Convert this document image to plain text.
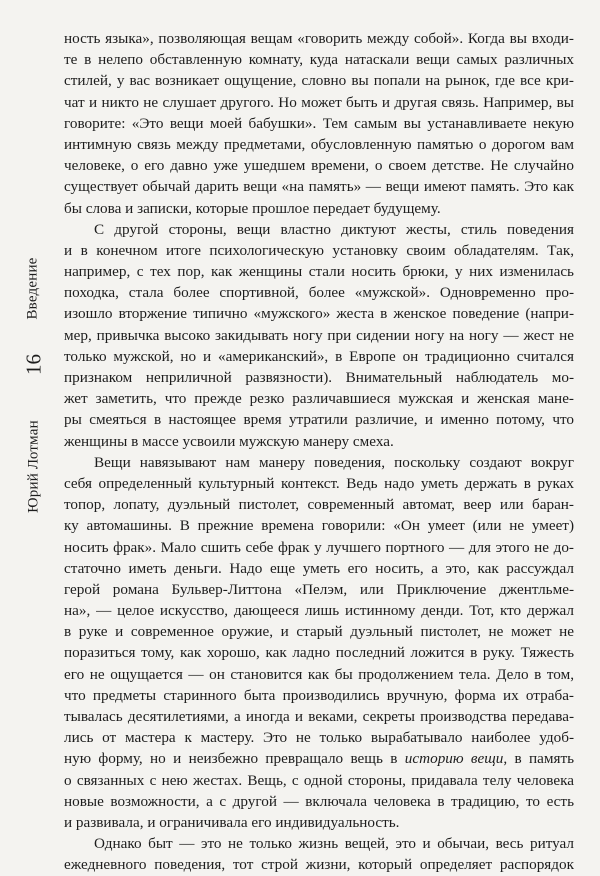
Введение
16
Юрий Лотман
ность языка», позволяющая вещам «говорить между собой». Когда вы входи-
те в нелепо обставленную комнату, куда натаскали вещи самых различных
стилей, у вас возникает ощущение, словно вы попали на рынок, где все кри-
чат и никто не слушает другого. Но может быть и другая связь. Например, вы
говорите: «Это вещи моей бабушки». Тем самым вы устанавливаете некую
интимную связь между предметами, обусловленную памятью о дорогом вам
человеке, о его давно уже ушедшем времени, о своем детстве. Не случайно
существует обычай дарить вещи «на память» — вещи имеют память. Это как
бы слова и записки, которые прошлое передает будущему.
С другой стороны, вещи властно диктуют жесты, стиль поведения
и в конечном итоге психологическую установку своим обладателям. Так,
например, с тех пор, как женщины стали носить брюки, у них изменилась
походка, стала более спортивной, более «мужской». Одновременно про-
изошло вторжение типично «мужского» жеста в женское поведение (напри-
мер, привычка высоко закидывать ногу при сидении ногу на ногу — жест не
только мужской, но и «американский», в Европе он традиционно считался
признаком неприличной развязности). Внимательный наблюдатель мо-
жет заметить, что прежде резко различавшиеся мужская и женская мане-
ры смеяться в настоящее время утратили различие, и именно потому, что
женщины в массе усвоили мужскую манеру смеха.
Вещи навязывают нам манеру поведения, поскольку создают вокруг
себя определенный культурный контекст. Ведь надо уметь держать в руках
топор, лопату, дуэльный пистолет, современный автомат, веер или баран-
ку автомашины. В прежние времена говорили: «Он умеет (или не умеет)
носить фрак». Мало сшить себе фрак у лучшего портного — для этого не до-
статочно иметь деньги. Надо еще уметь его носить, а это, как рассуждал
герой романа Бульвер-Литтона «Пелэм, или Приключение джентльме-
на», — целое искусство, дающееся лишь истинному денди. Тот, кто держал
в руке и современное оружие, и старый дуэльный пистолет, не может не
поразиться тому, как хорошо, как ладно последний ложится в руку. Тяжесть
его не ощущается — он становится как бы продолжением тела. Дело в том,
что предметы старинного быта производились вручную, форма их отраба-
тывалась десятилетиями, а иногда и веками, секреты производства передава-
лись от мастера к мастеру. Это не только вырабатывало наиболее удоб-
ную форму, но и неизбежно превращало вещь в историю вещи, в память
о связанных с нею жестах. Вещь, с одной стороны, придавала телу человека
новые возможности, а с другой — включала человека в традицию, то есть
и развивала, и ограничивала его индивидуальность.
Однако быт — это не только жизнь вещей, это и обычаи, весь ритуал
ежедневного поведения, тот строй жизни, который определяет распорядок
